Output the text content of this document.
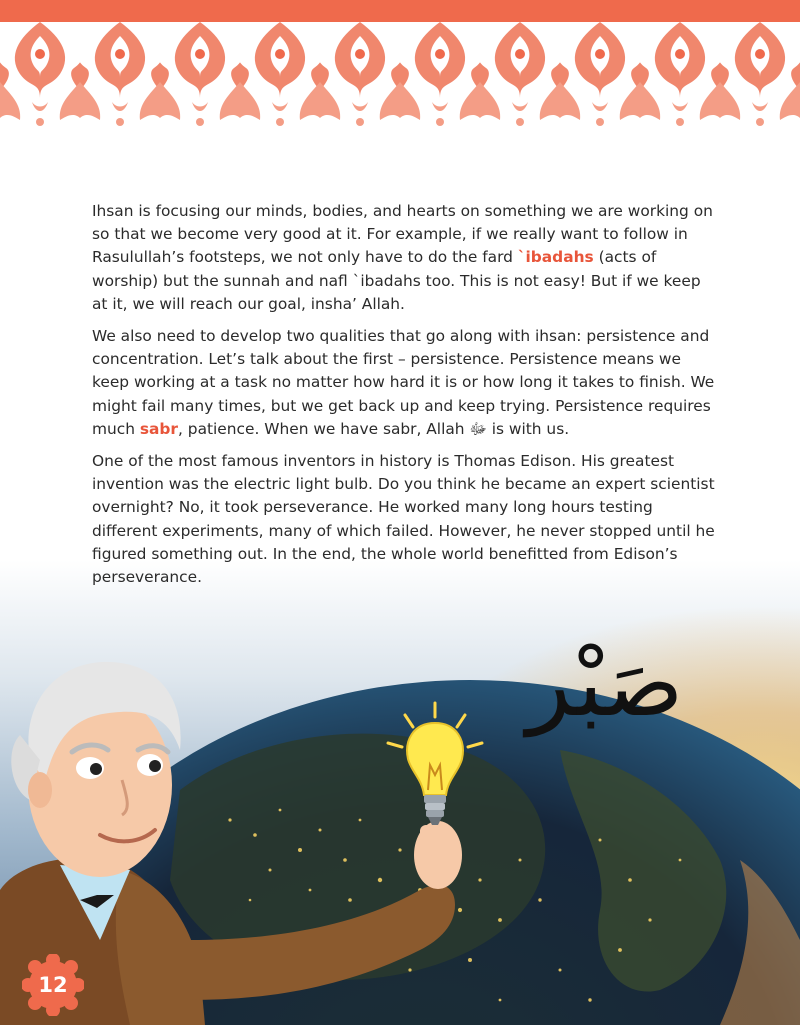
Ihsan is focusing our minds, bodies, and hearts on something we are working on so that we become very good at it. For example, if we really want to follow in Rasulullah’s footsteps, we not only have to do the fard `ibadahs (acts of worship) but the sunnah and nafl `ibadahs too. This is not easy! But if we keep at it, we will reach our goal, insha’ Allah.

We also need to develop two qualities that go along with ihsan: persistence and concentration. Let’s talk about the first – persistence. Persistence means we keep working at a task no matter how hard it is or how long it takes to finish. We might fail many times, but we get back up and keep trying. Persistence requires much sabr, patience. When we have sabr, Allah ﷻ is with us.

One of the most famous inventors in history is Thomas Edison. His greatest invention was the electric light bulb. Do you think he became an expert scientist overnight? No, it took perseverance. He worked many long hours testing different experiments, many of which failed. However, he never stopped until he figured something out. In the end, the whole world benefitted from Edison’s perseverance.

صَبْر
12
